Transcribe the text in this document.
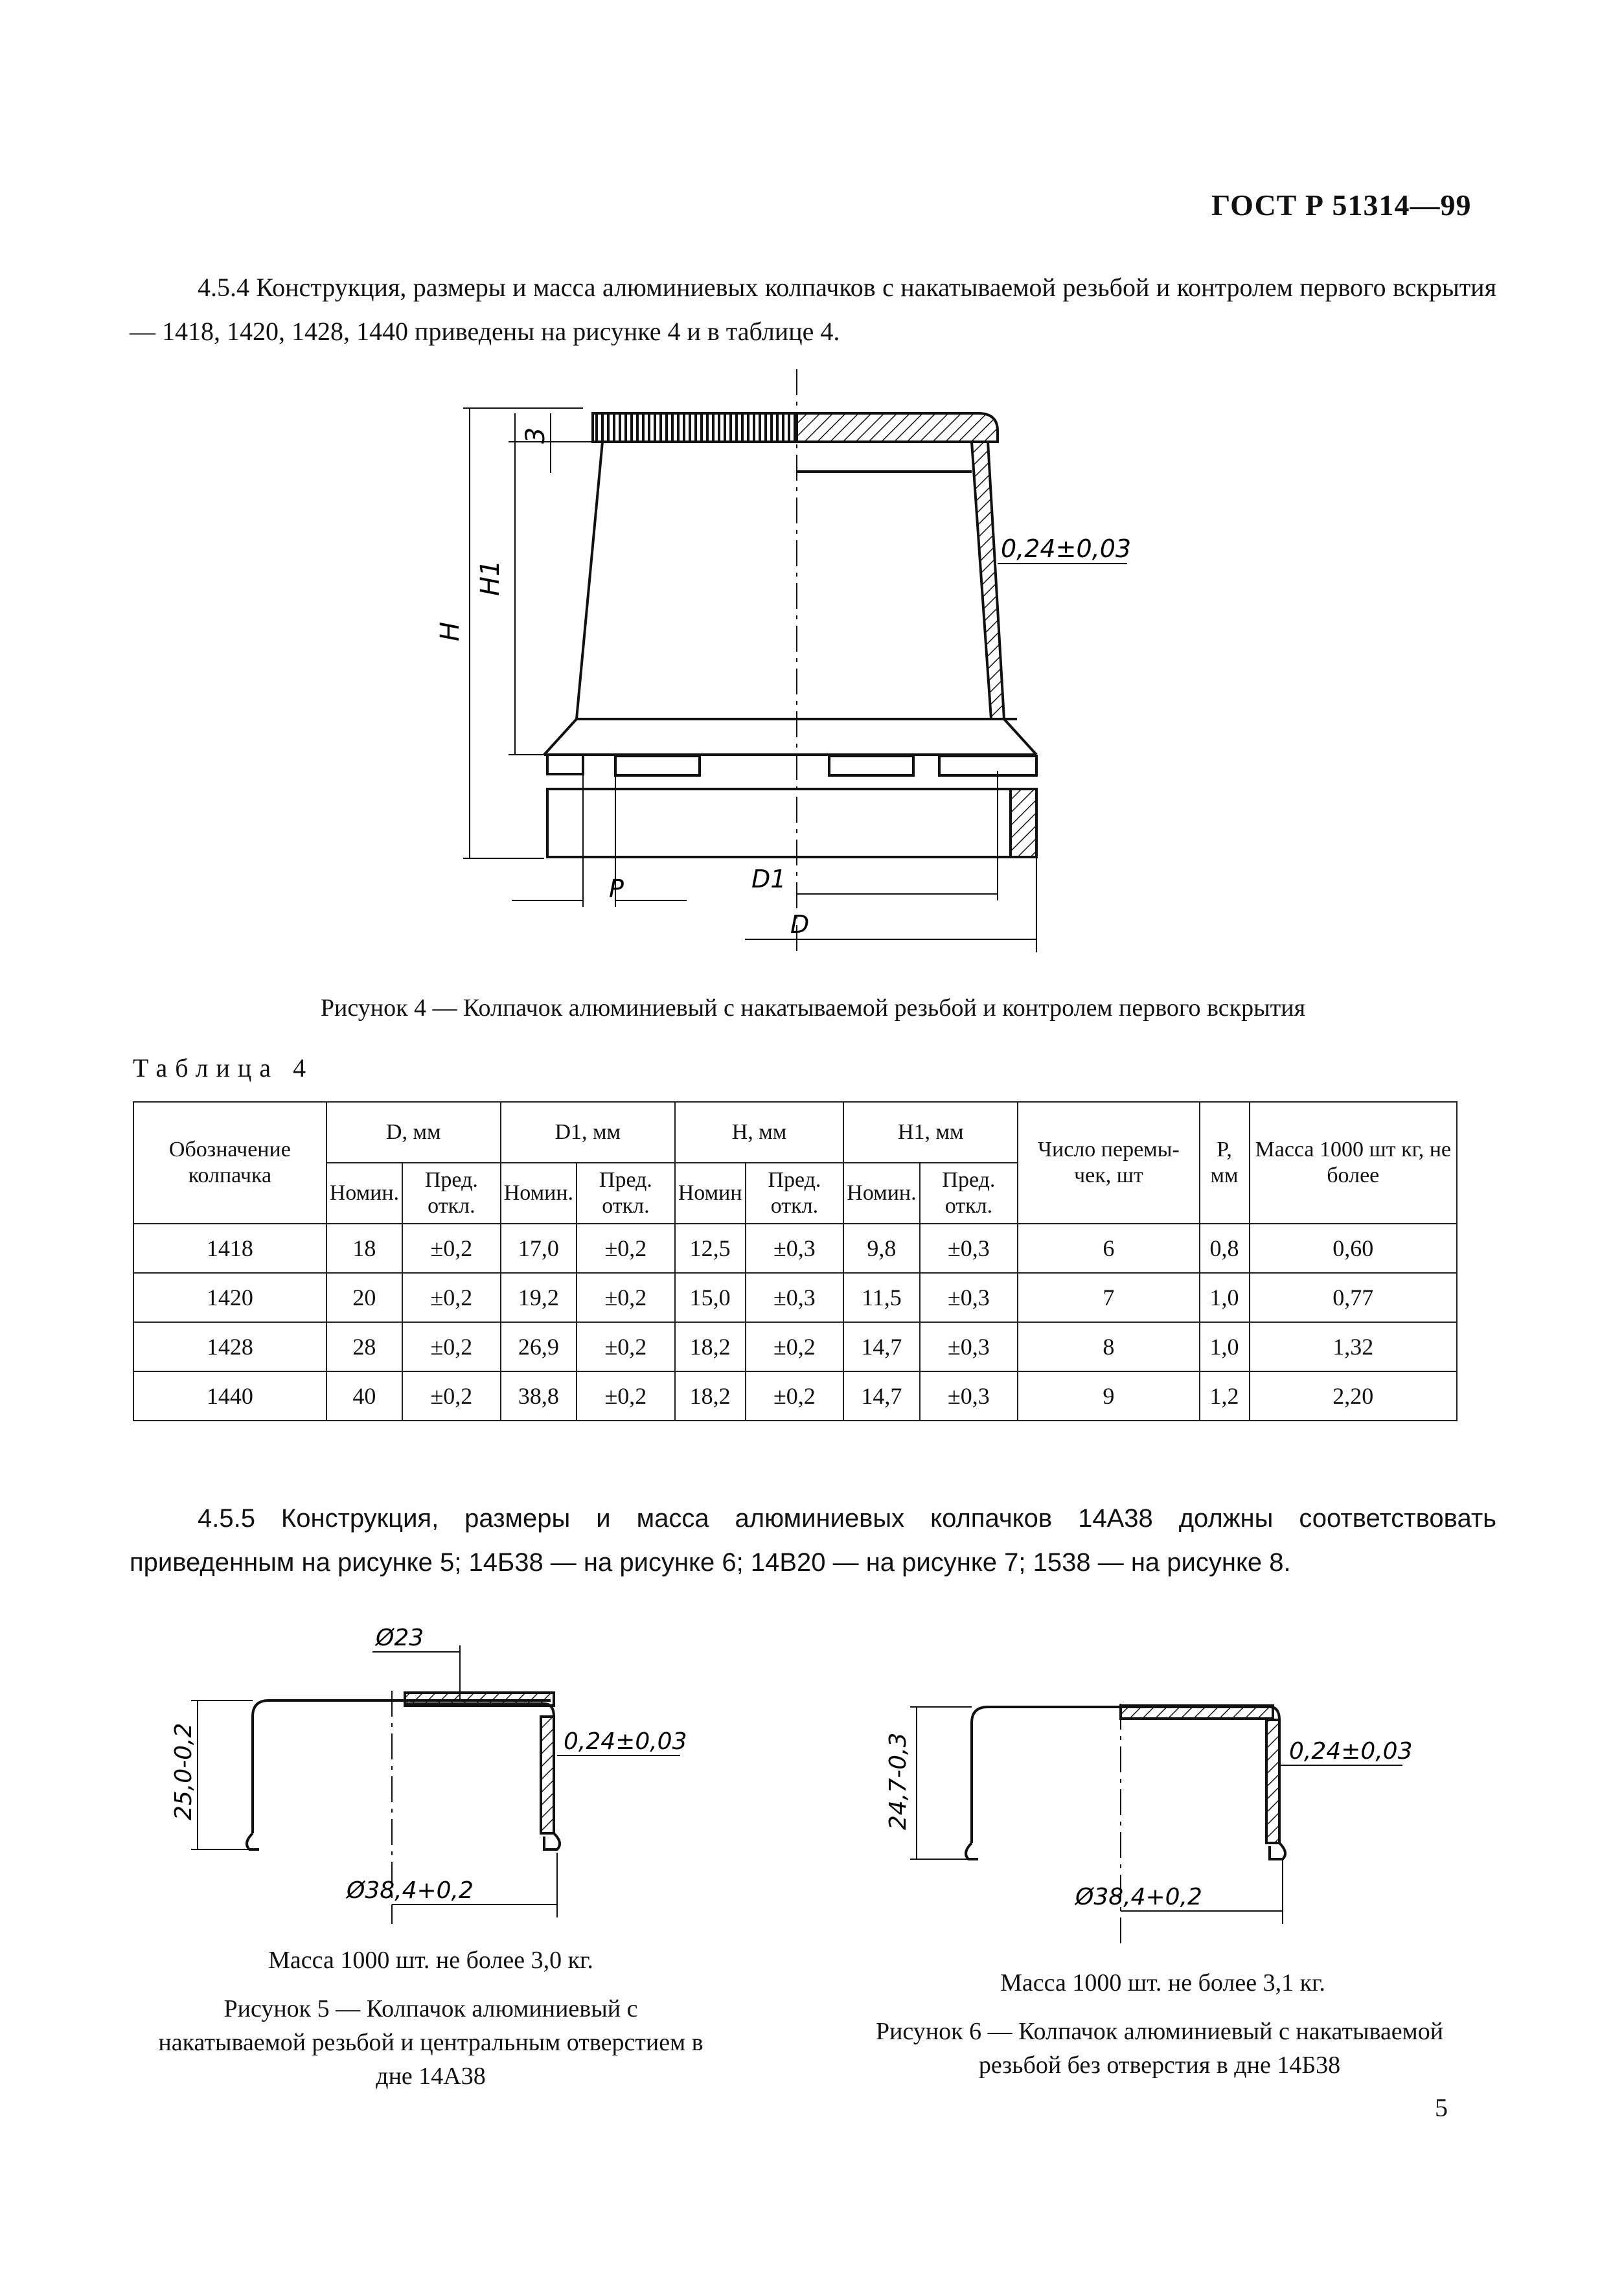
ГОСТ Р 51314—99
4.5.4 Конструкция, размеры и масса алюминиевых колпачков с накатываемой резьбой и контролем первого вскрытия — 1418, 1420, 1428, 1440 приведены на рисунке 4 и в таблице 4.
3
H1
H
0,24±0,03
P	D1
D
Рисунок 4 — Колпачок алюминиевый с накатываемой резьбой и контролем первого вскрытия
Таблица 4
Обозначение колпачка	D, мм		D1, мм		H, мм		H1, мм		Число перемы-чек, шт	P, мм	Масса 1000 шт кг, не более
	Номин.	Пред. откл.	Номин.	Пред. откл.	Номин	Пред. откл.	Номин.	Пред. откл.			
1418	18	±0,2	17,0	±0,2	12,5	±0,3	9,8	±0,3	6	0,8	0,60
1420	20	±0,2	19,2	±0,2	15,0	±0,3	11,5	±0,3	7	1,0	0,77
1428	28	±0,2	26,9	±0,2	18,2	±0,2	14,7	±0,3	8	1,0	1,32
1440	40	±0,2	38,8	±0,2	18,2	±0,2	14,7	±0,3	9	1,2	2,20
4.5.5 Конструкция, размеры и масса алюминиевых колпачков 14А38 должны соответствовать приведенным на рисунке 5; 14Б38 — на рисунке 6; 14В20 — на рисунке 7; 1538 — на рисунке 8.
Ø23
25,0-0,2	0,24±0,03
Ø38,4+0,2
Масса 1000 шт. не более 3,0 кг.
Рисунок 5 — Колпачок алюминиевый с накатываемой резьбой и центральным отверстием в дне 14А38
24,7-0,3	0,24±0,03
Ø38,4+0,2
Масса 1000 шт. не более 3,1 кг.
Рисунок 6 — Колпачок алюминиевый с накатываемой резьбой без отверстия в дне 14Б38
5
